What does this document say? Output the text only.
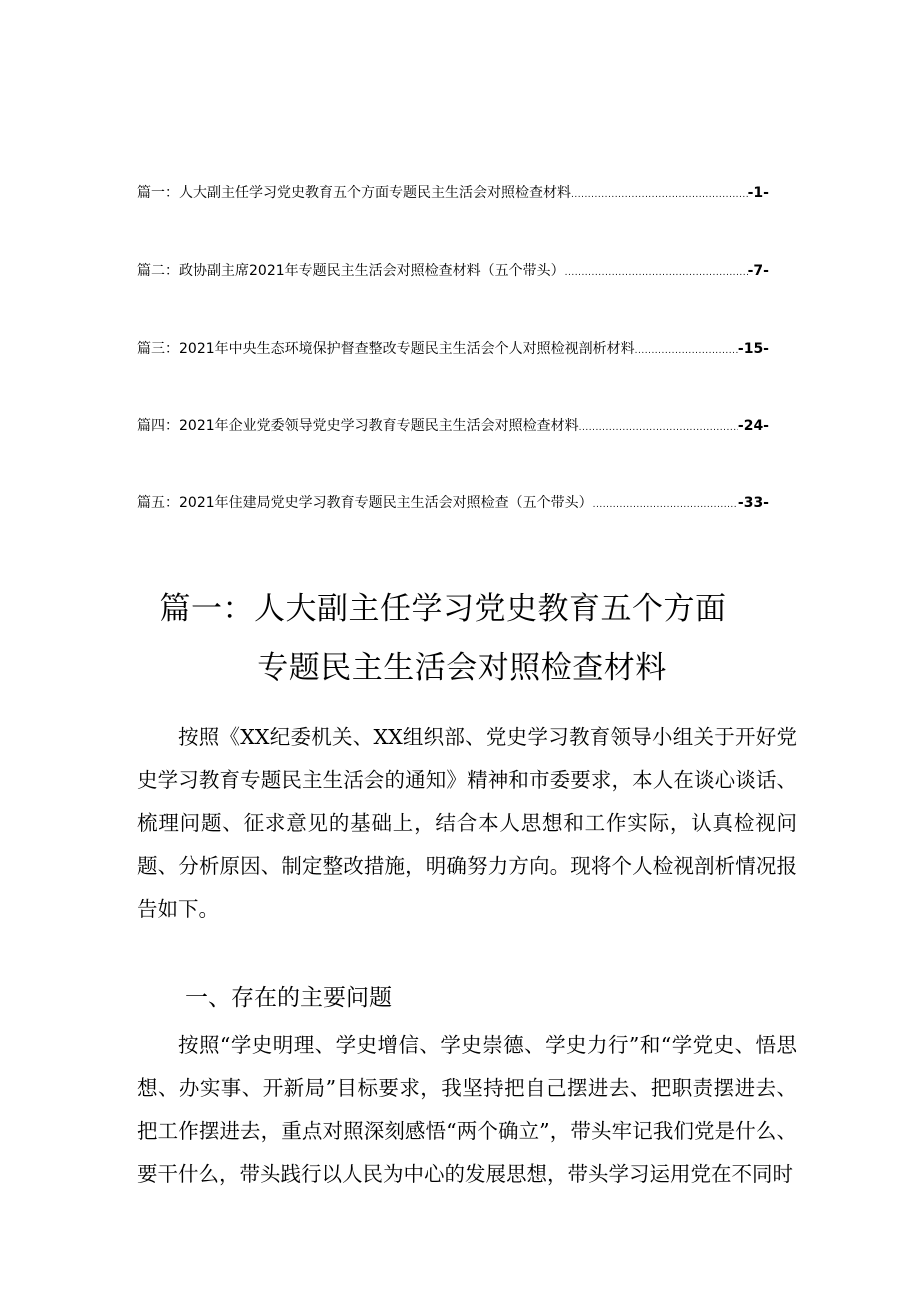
篇一：人大副主任学习党史教育五个方面专题民主生活会对照检查材料 .....	-1-
篇二：政协副主席2021年专题民主生活会对照检查材料（五个带头） .....	-7-
篇三：2021年中央生态环境保护督查整改专题民主生活会个人对照检视剖析材料 .....	-15-
篇四：2021年企业党委领导党史学习教育专题民主生活会对照检查材料 .....	-24-
篇五：2021年住建局党史学习教育专题民主生活会对照检查（五个带头） .....	-33-
篇一：人大副主任学习党史教育五个方面
专题民主生活会对照检查材料

按照《XX纪委机关、XX组织部、党史学习教育领导小组关于开好党史学习教育专题民主生活会的通知》精神和市委要求，本人在谈心谈话、梳理问题、征求意见的基础上，结合本人思想和工作实际，认真检视问题、分析原因、制定整改措施，明确努力方向。现将个人检视剖析情况报告如下。

一、存在的主要问题

按照“学史明理、学史增信、学史崇德、学史力行”和“学党史、悟思想、办实事、开新局”目标要求，我坚持把自己摆进去、把职责摆进去、把工作摆进去，重点对照深刻感悟“两个确立”，带头牢记我们党是什么、要干什么，带头践行以人民为中心的发展思想，带头学习运用党在不同时
